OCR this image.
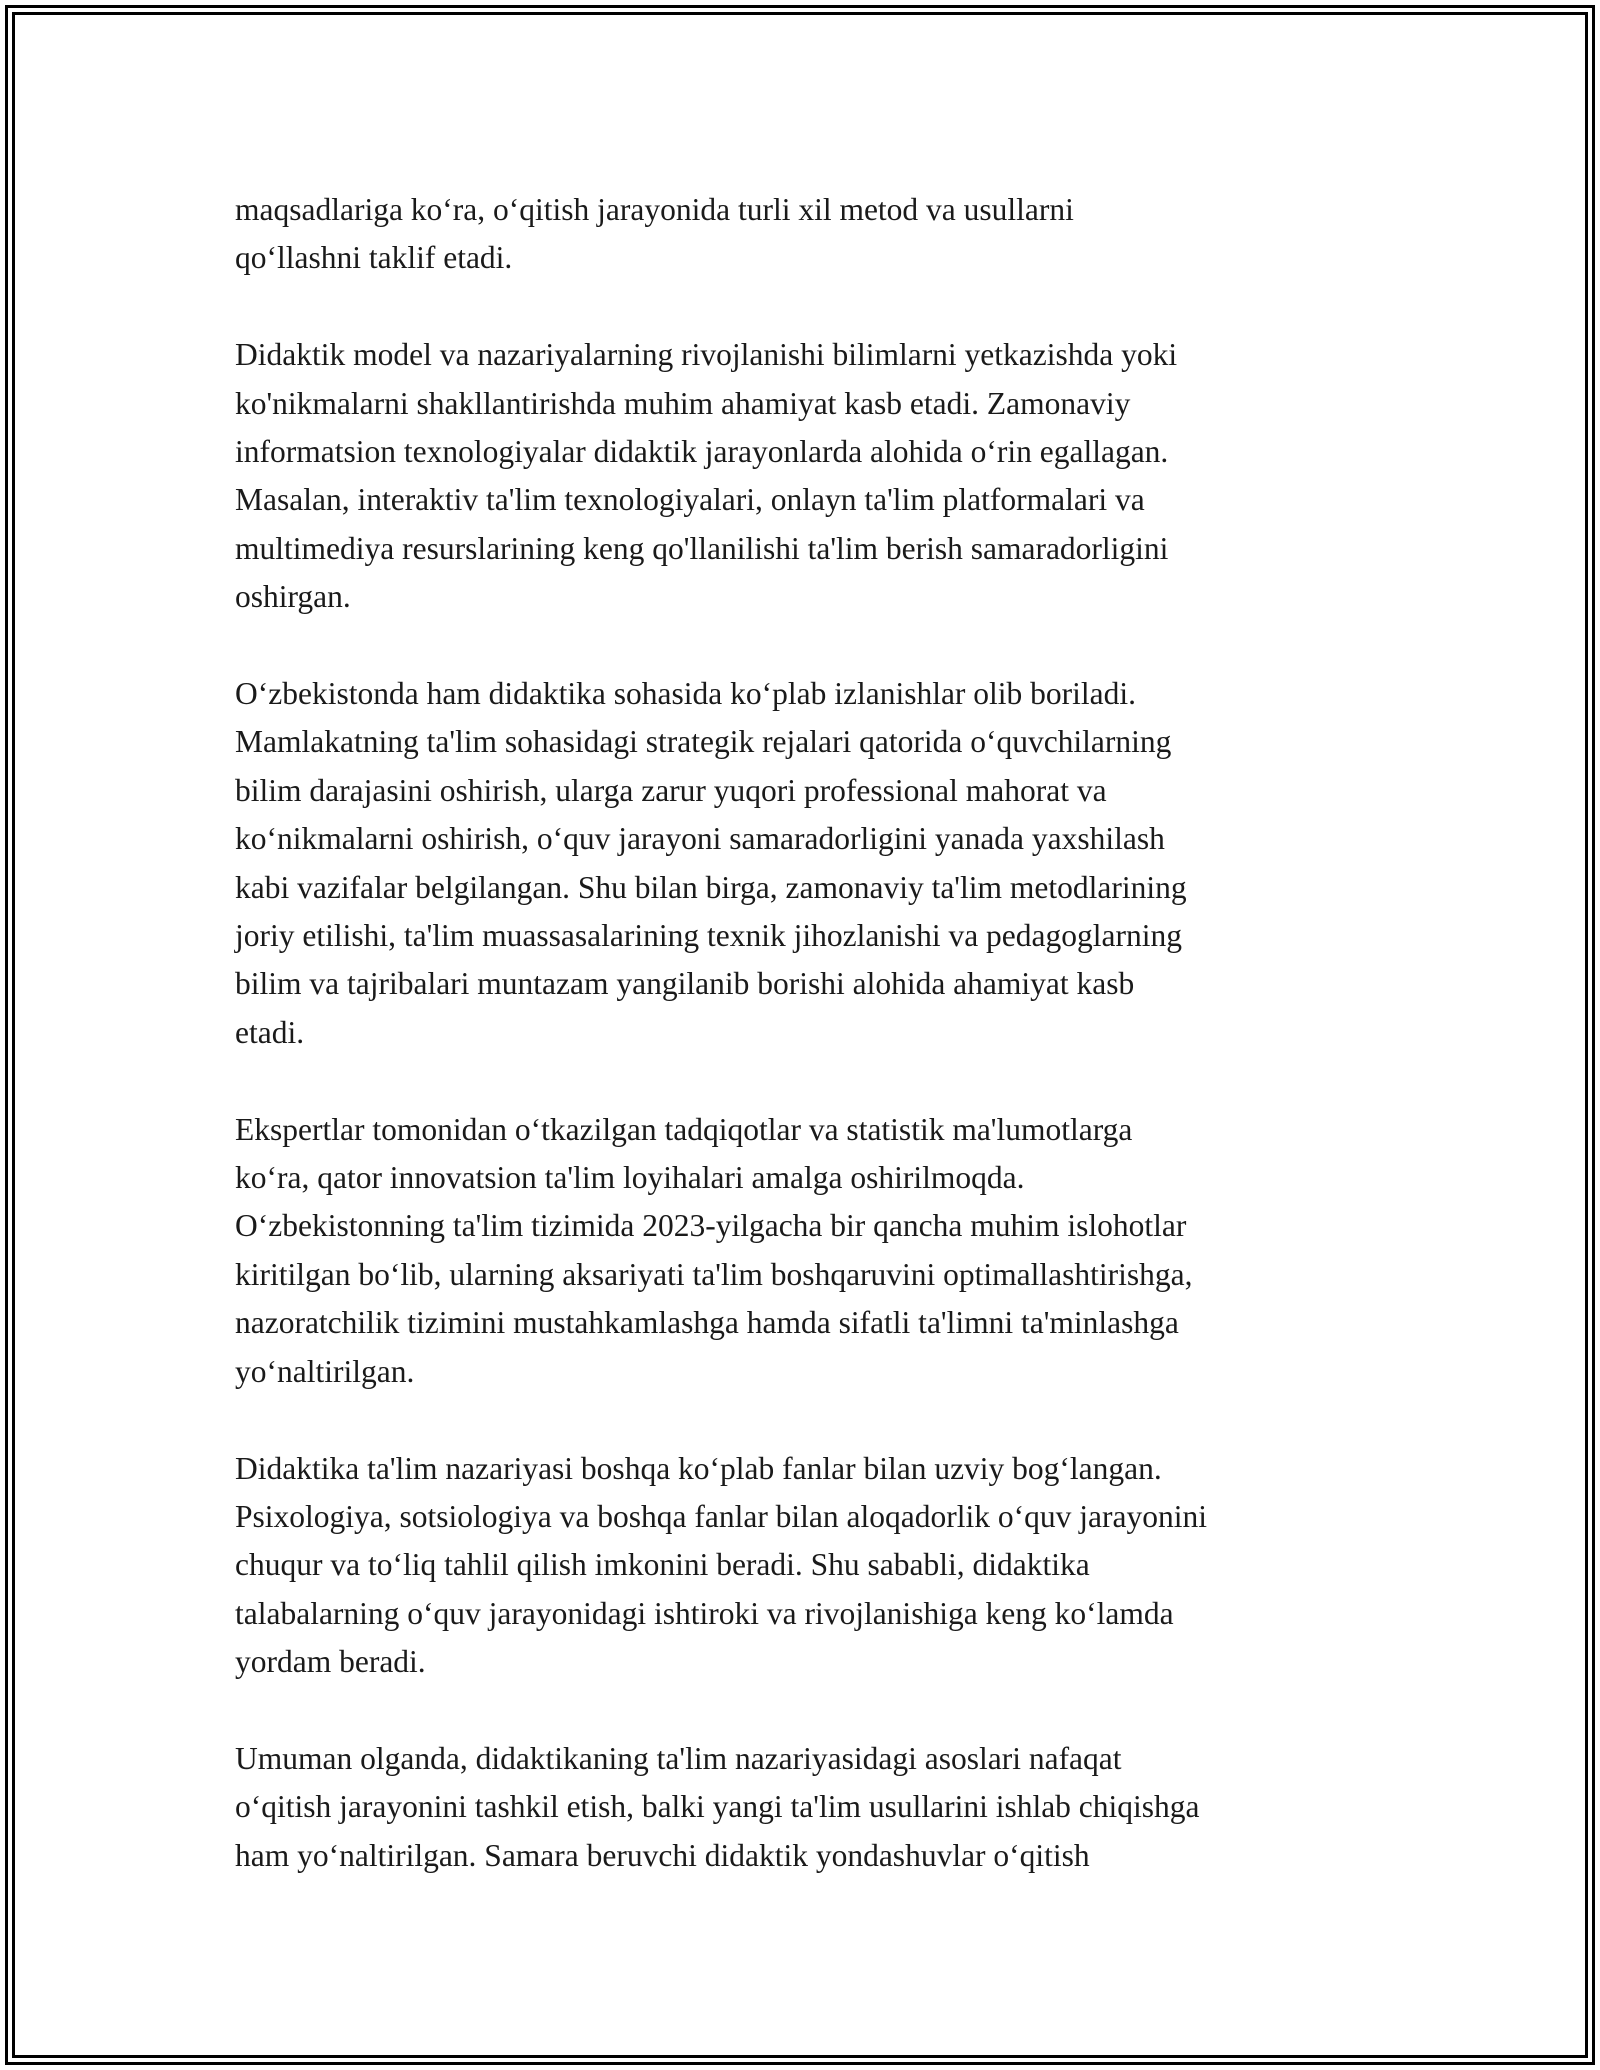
maqsadlariga koʻra, oʻqitish jarayonida turli xil metod va usullarni
qoʻllashni taklif etadi.

Didaktik model va nazariyalarning rivojlanishi bilimlarni yetkazishda yoki
ko'nikmalarni shakllantirishda muhim ahamiyat kasb etadi. Zamonaviy
informatsion texnologiyalar didaktik jarayonlarda alohida oʻrin egallagan.
Masalan, interaktiv ta'lim texnologiyalari, onlayn ta'lim platformalari va
multimediya resurslarining keng qo'llanilishi ta'lim berish samaradorligini
oshirgan.

Oʻzbekistonda ham didaktika sohasida koʻplab izlanishlar olib boriladi.
Mamlakatning ta'lim sohasidagi strategik rejalari qatorida oʻquvchilarning
bilim darajasini oshirish, ularga zarur yuqori professional mahorat va
koʻnikmalarni oshirish, oʻquv jarayoni samaradorligini yanada yaxshilash
kabi vazifalar belgilangan. Shu bilan birga, zamonaviy ta'lim metodlarining
joriy etilishi, ta'lim muassasalarining texnik jihozlanishi va pedagoglarning
bilim va tajribalari muntazam yangilanib borishi alohida ahamiyat kasb
etadi.

Ekspertlar tomonidan oʻtkazilgan tadqiqotlar va statistik ma'lumotlarga
koʻra, qator innovatsion ta'lim loyihalari amalga oshirilmoqda.
Oʻzbekistonning ta'lim tizimida 2023-yilgacha bir qancha muhim islohotlar
kiritilgan boʻlib, ularning aksariyati ta'lim boshqaruvini optimallashtirishga,
nazoratchilik tizimini mustahkamlashga hamda sifatli ta'limni ta'minlashga
yoʻnaltirilgan.

Didaktika ta'lim nazariyasi boshqa koʻplab fanlar bilan uzviy bogʻlangan.
Psixologiya, sotsiologiya va boshqa fanlar bilan aloqadorlik oʻquv jarayonini
chuqur va toʻliq tahlil qilish imkonini beradi. Shu sababli, didaktika
talabalarning oʻquv jarayonidagi ishtiroki va rivojlanishiga keng koʻlamda
yordam beradi.

Umuman olganda, didaktikaning ta'lim nazariyasidagi asoslari nafaqat
oʻqitish jarayonini tashkil etish, balki yangi ta'lim usullarini ishlab chiqishga
ham yoʻnaltirilgan. Samara beruvchi didaktik yondashuvlar oʻqitish
